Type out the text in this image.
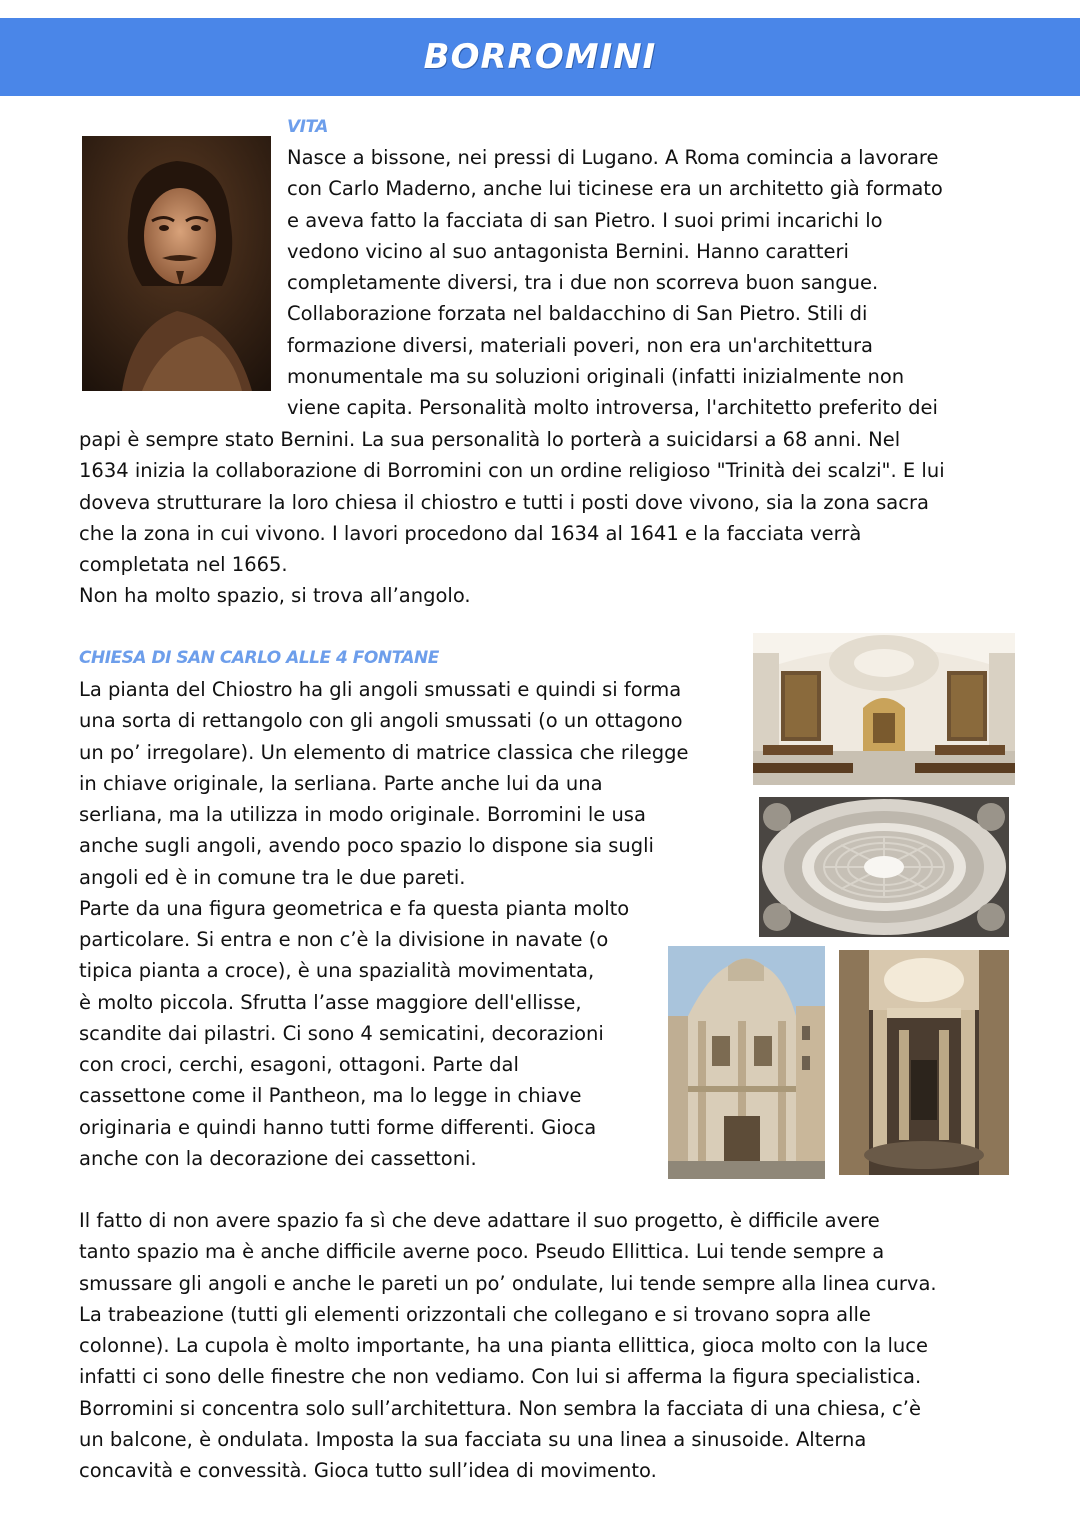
BORROMINI
VITA
Nasce a bissone, nei pressi di Lugano. A Roma comincia a lavorare
con Carlo Maderno, anche lui ticinese era un architetto già formato
e aveva fatto la facciata di san Pietro. I suoi primi incarichi lo
vedono vicino al suo antagonista Bernini. Hanno caratteri
completamente diversi, tra i due non scorreva buon sangue.
Collaborazione forzata nel baldacchino di San Pietro. Stili di
formazione diversi, materiali poveri, non era un'architettura
monumentale ma su soluzioni originali (infatti inizialmente non
viene capita. Personalità molto introversa, l'architetto preferito dei
papi è sempre stato Bernini. La sua personalità lo porterà a suicidarsi a 68 anni. Nel
1634 inizia la collaborazione di Borromini con un ordine religioso "Trinità dei scalzi". E lui
doveva strutturare la loro chiesa il chiostro e tutti i posti dove vivono, sia la zona sacra
che la zona in cui vivono. I lavori procedono dal 1634 al 1641 e la facciata verrà
completata nel 1665.
Non ha molto spazio, si trova all’angolo.
CHIESA DI SAN CARLO ALLE 4 FONTANE
La pianta del Chiostro ha gli angoli smussati e quindi si forma
una sorta di rettangolo con gli angoli smussati (o un ottagono
un po’ irregolare). Un elemento di matrice classica che rilegge
in chiave originale, la serliana. Parte anche lui da una
serliana, ma la utilizza in modo originale. Borromini le usa
anche sugli angoli, avendo poco spazio lo dispone sia sugli
angoli ed è in comune tra le due pareti.
Parte da una figura geometrica e fa questa pianta molto
particolare. Si entra e non c’è la divisione in navate (o
tipica pianta a croce), è una spazialità movimentata,
è molto piccola. Sfrutta l’asse maggiore dell'ellisse,
scandite dai pilastri. Ci sono 4 semicatini, decorazioni
con croci, cerchi, esagoni, ottagoni. Parte dal
cassettone come il Pantheon, ma lo legge in chiave
originaria e quindi hanno tutti forme differenti. Gioca
anche con la decorazione dei cassettoni.
Il fatto di non avere spazio fa sì che deve adattare il suo progetto, è difficile avere
tanto spazio ma è anche difficile averne poco. Pseudo Ellittica. Lui tende sempre a
smussare gli angoli e anche le pareti un po’ ondulate, lui tende sempre alla linea curva.
La trabeazione (tutti gli elementi orizzontali che collegano e si trovano sopra alle
colonne). La cupola è molto importante, ha una pianta ellittica, gioca molto con la luce
infatti ci sono delle finestre che non vediamo. Con lui si afferma la figura specialistica.
Borromini si concentra solo sull’architettura. Non sembra la facciata di una chiesa, c’è
un balcone, è ondulata. Imposta la sua facciata su una linea a sinusoide. Alterna
concavità e convessità. Gioca tutto sull’idea di movimento.
